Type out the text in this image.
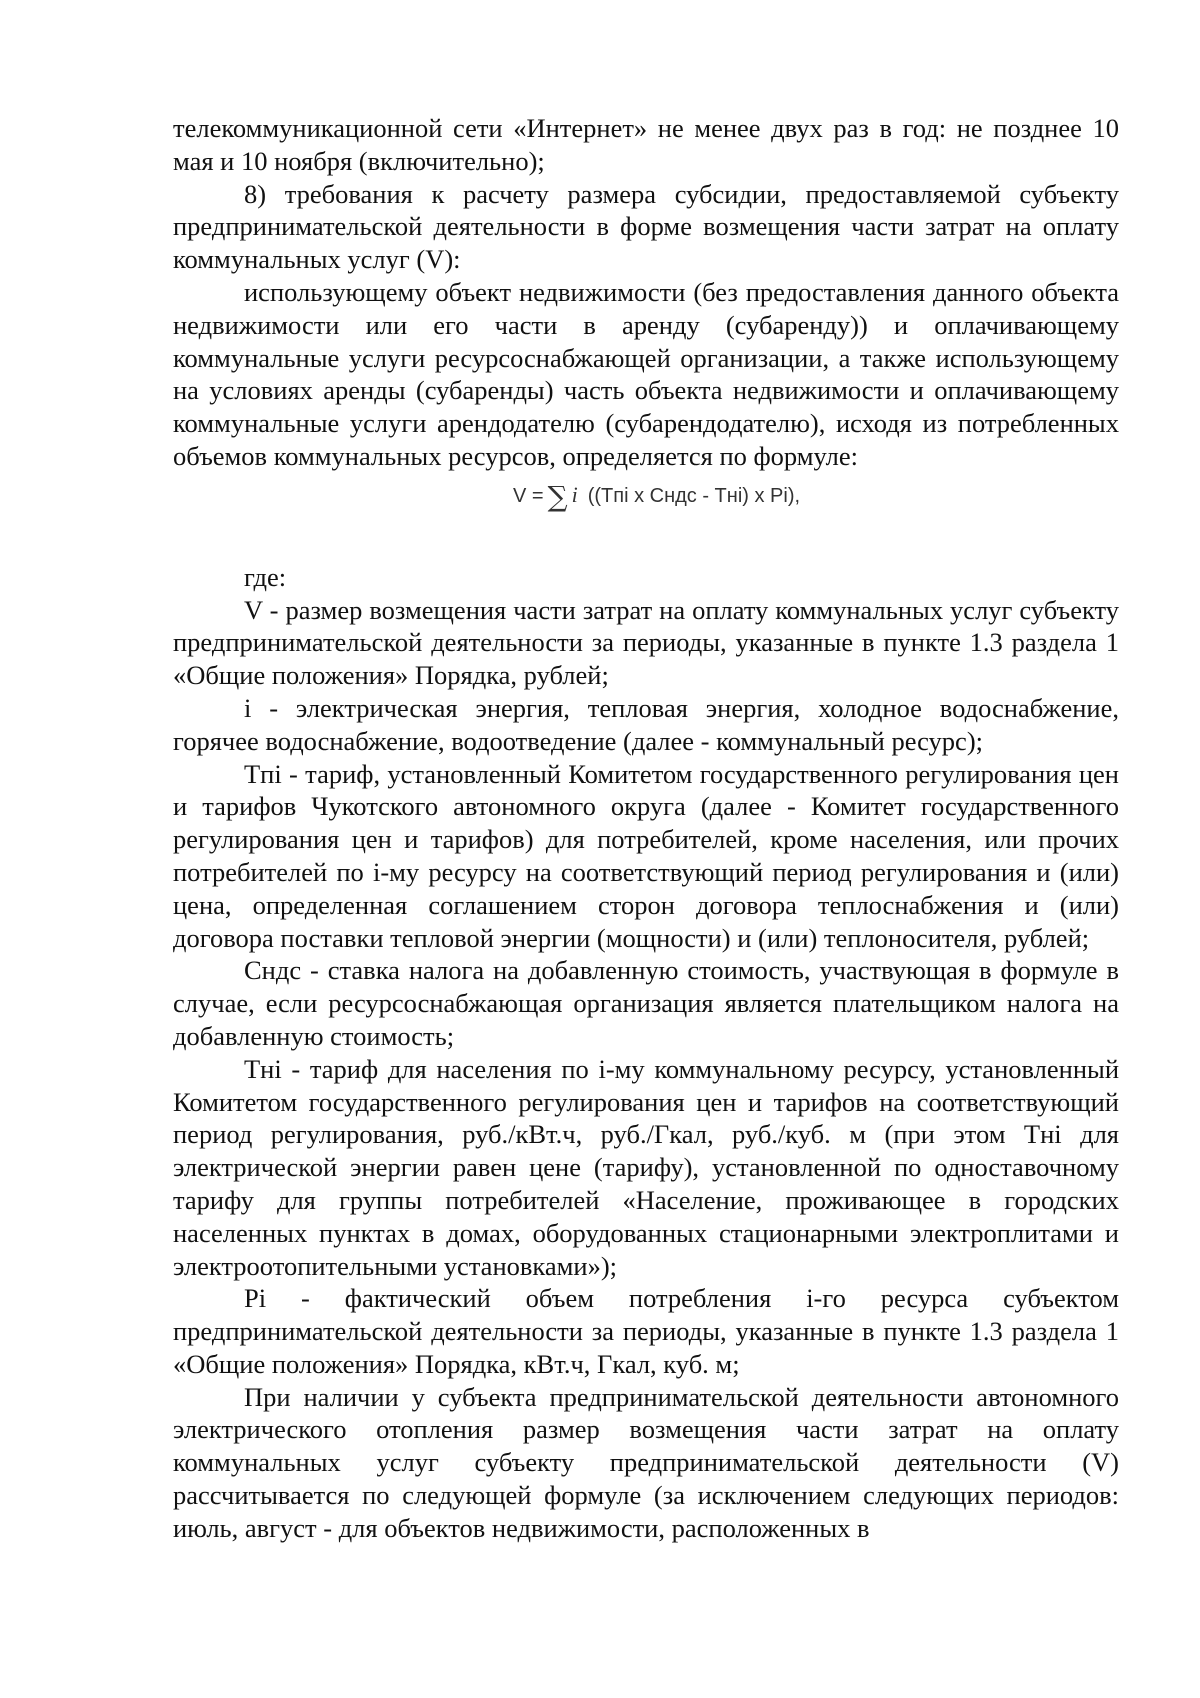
телекоммуникационной сети «Интернет» не менее двух раз в год: не позднее 10 мая и 10 ноября (включительно);

8) требования к расчету размера субсидии, предоставляемой субъекту предпринимательской деятельности в форме возмещения части затрат на оплату коммунальных услуг (V):

использующему объект недвижимости (без предоставления данного объекта недвижимости или его части в аренду (субаренду)) и оплачивающему коммунальные услуги ресурсоснабжающей организации, а также использующему на условиях аренды (субаренды) часть объекта недвижимости и оплачивающему коммунальные услуги арендодателю (субарендодателю), исходя из потребленных объемов коммунальных ресурсов, определяется по формуле:

V = ∑ i ((Tпi x Cндс - Tнi) x Pi),

где:

V - размер возмещения части затрат на оплату коммунальных услуг субъекту предпринимательской деятельности за периоды, указанные в пункте 1.3 раздела 1 «Общие положения» Порядка, рублей;

i - электрическая энергия, тепловая энергия, холодное водоснабжение, горячее водоснабжение, водоотведение (далее - коммунальный ресурс);

Tпi - тариф, установленный Комитетом государственного регулирования цен и тарифов Чукотского автономного округа (далее - Комитет государственного регулирования цен и тарифов) для потребителей, кроме населения, или прочих потребителей по i-му ресурсу на соответствующий период регулирования и (или) цена, определенная соглашением сторон договора теплоснабжения и (или) договора поставки тепловой энергии (мощности) и (или) теплоносителя, рублей;

Cндс - ставка налога на добавленную стоимость, участвующая в формуле в случае, если ресурсоснабжающая организация является плательщиком налога на добавленную стоимость;

Tнi - тариф для населения по i-му коммунальному ресурсу, установленный Комитетом государственного регулирования цен и тарифов на соответствующий период регулирования, руб./кВт.ч, руб./Гкал, руб./куб. м (при этом Тнi для электрической энергии равен цене (тарифу), установленной по одноставочному тарифу для группы потребителей «Население, проживающее в городских населенных пунктах в домах, оборудованных стационарными электроплитами и электроотопительными установками»);

Pi - фактический объем потребления i-го ресурса субъектом предпринимательской деятельности за периоды, указанные в пункте 1.3 раздела 1 «Общие положения» Порядка, кВт.ч, Гкал, куб. м;

При наличии у субъекта предпринимательской деятельности автономного электрического отопления размер возмещения части затрат на оплату коммунальных услуг субъекту предпринимательской деятельности (V) рассчитывается по следующей формуле (за исключением следующих периодов: июль, август - для объектов недвижимости, расположенных в
